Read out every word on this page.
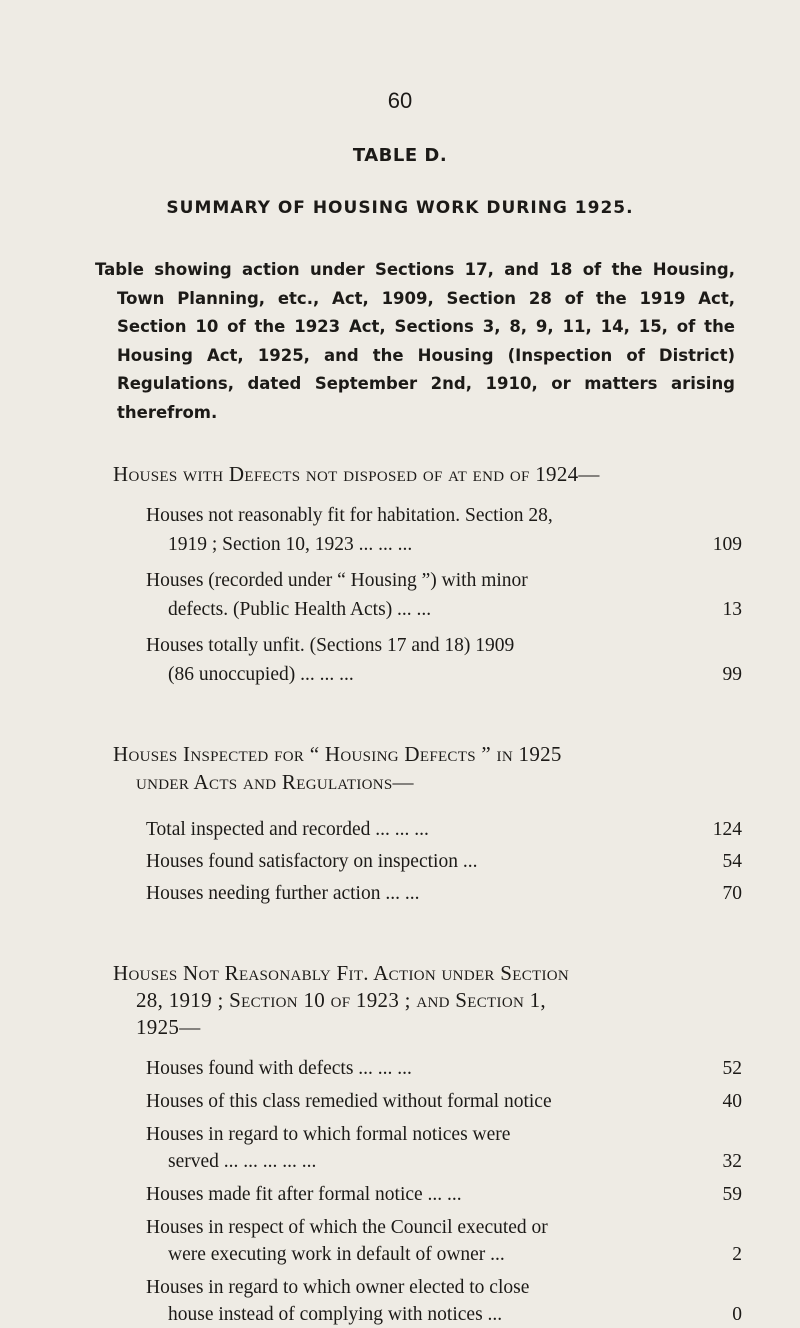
60
TABLE D.
SUMMARY OF HOUSING WORK DURING 1925.

Table showing action under Sections 17, and 18 of the Housing, Town Planning, etc., Act, 1909, Section 28 of the 1919 Act, Section 10 of the 1923 Act, Sections 3, 8, 9, 11, 14, 15, of the Housing Act, 1925, and the Housing (Inspection of District) Regulations, dated September 2nd, 1910, or matters arising therefrom.

Houses with Defects not disposed of at end of 1924—
Houses not reasonably fit for habitation. Section 28,
1919 ; Section 10, 1923 ... ... ...	109
Houses (recorded under “ Housing ”) with minor
defects. (Public Health Acts) ... ...	13
Houses totally unfit. (Sections 17 and 18) 1909
(86 unoccupied) ... ... ...	99
Houses Inspected for “ Housing Defects ” in 1925
under Acts and Regulations—
Total inspected and recorded ... ... ...	124
Houses found satisfactory on inspection ...	54
Houses needing further action ... ...	70
Houses Not Reasonably Fit. Action under Section
28, 1919 ; Section 10 of 1923 ; and Section 1,
1925—
Houses found with defects ... ... ...	52
Houses of this class remedied without formal notice	40
Houses in regard to which formal notices were
served ... ... ... ... ...	32
Houses made fit after formal notice ... ...	59
Houses in respect of which the Council executed or
were executing work in default of owner ...	2
Houses in regard to which owner elected to close
house instead of complying with notices ...	0
